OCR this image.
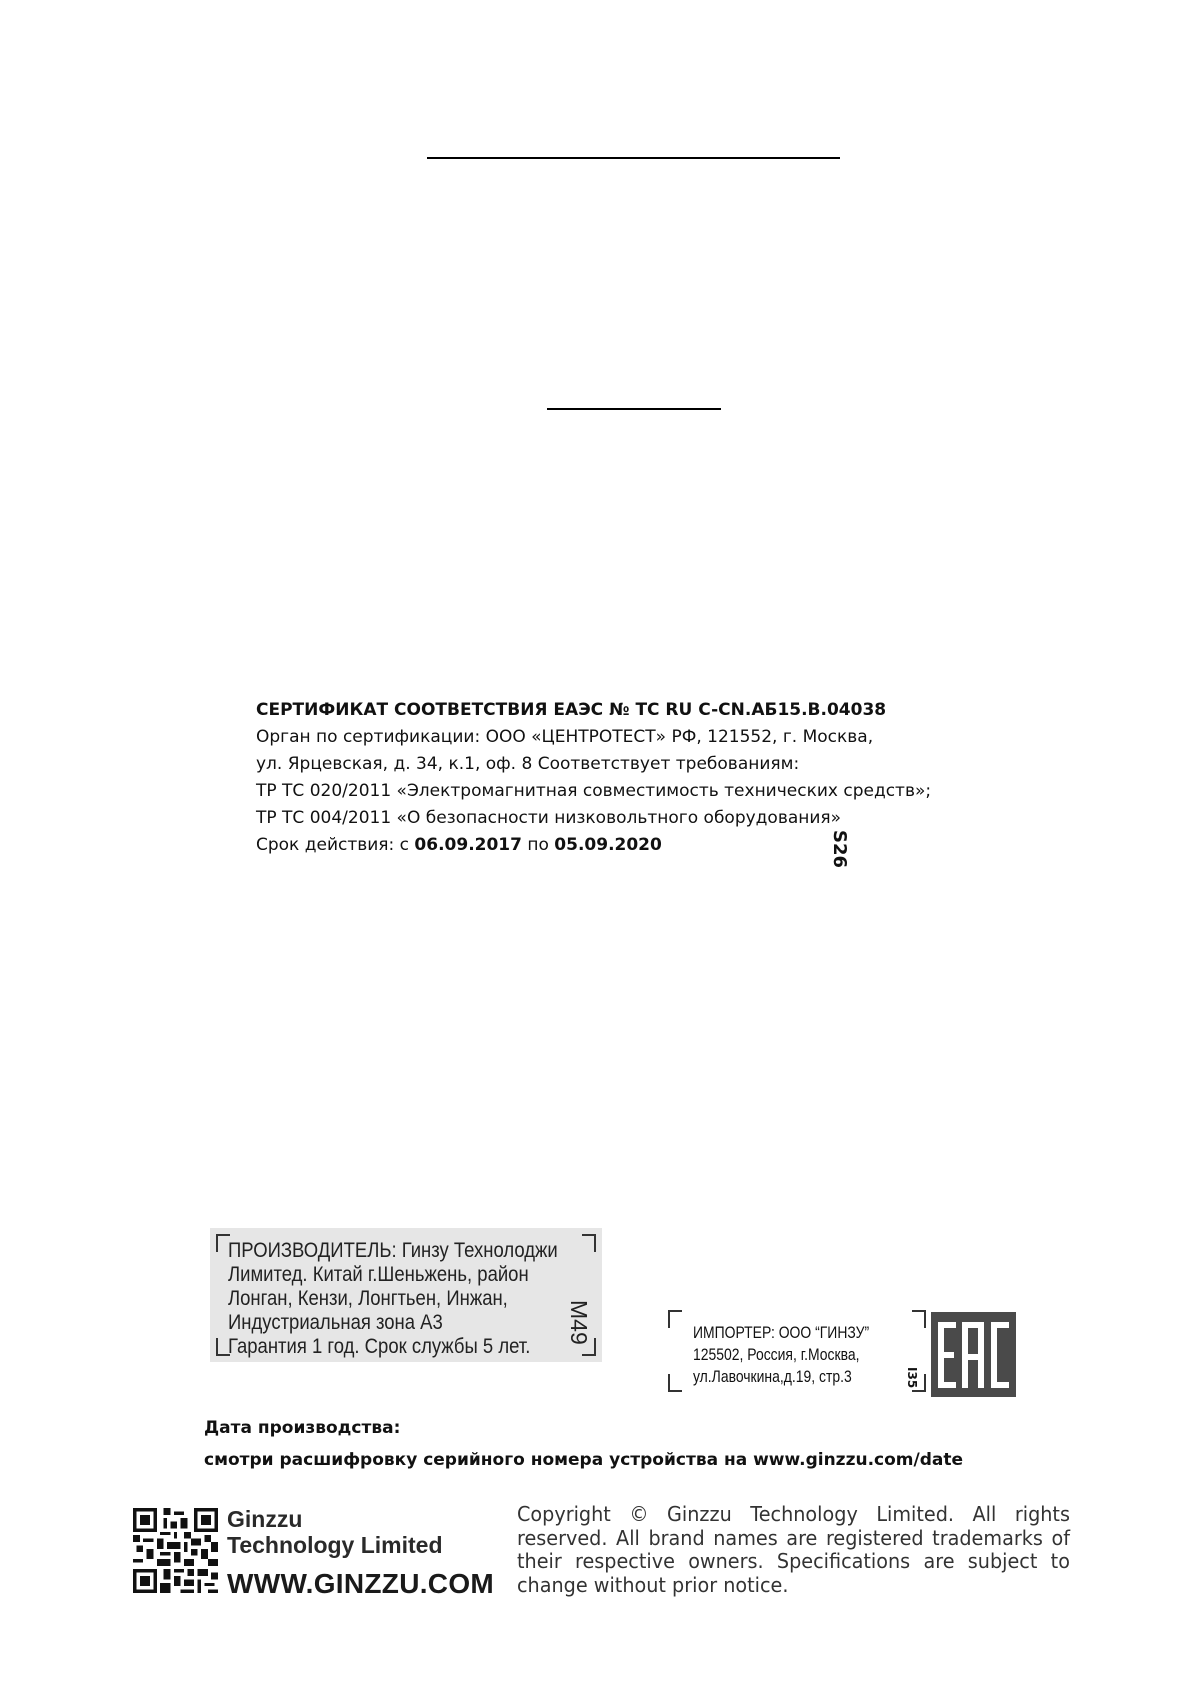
СЕРТИФИКАТ СООТВЕТСТВИЯ ЕАЭС № ТС RU C-CN.АБ15.В.04038
Орган по сертификации: ООО «ЦЕНТРОТЕСТ» РФ, 121552, г. Москва,
ул. Ярцевская, д. 34, к.1, оф. 8 Соответствует требованиям:
ТР ТС 020/2011 «Электромагнитная совместимость технических средств»;
ТР ТС 004/2011 «О безопасности низковольтного оборудования»
Срок действия: с 06.09.2017 по 05.09.2020	S26
ПРОИЗВОДИТЕЛЬ: Гинзу Технолоджи
Лимитед. Китай г.Шеньжень, район
Лонган, Кензи, Лонгтьен, Инжан,
Индустриальная зона А3
Гарантия 1 год. Срок службы 5 лет.
M49	ИМПОРТЕР: ООО “ГИНЗУ”
125502, Россия, г.Москва,
ул.Лавочкина,д.19, стр.3	I35
Дата производства:
смотри расшифровку серийного номера устройства на www.ginzzu.com/date
Ginzzu
Technology Limited
WWW.GINZZU.COM
Copyright © Ginzzu Technology Limited. All rights reserved. All brand names are registered trademarks of their respective owners. Specifications are subject to change without prior notice.
